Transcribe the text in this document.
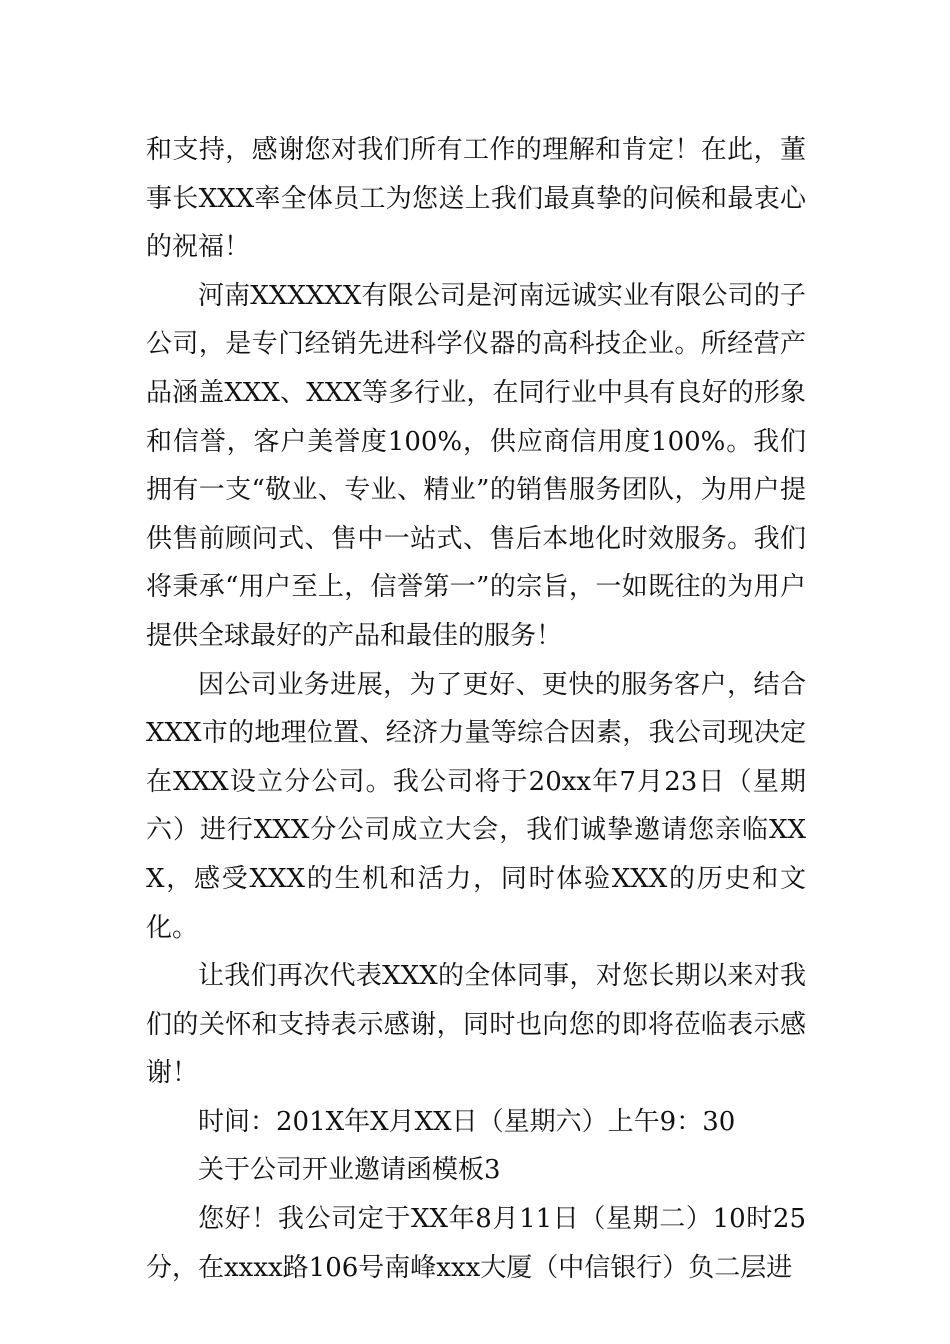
和支持，感谢您对我们所有工作的理解和肯定！在此，董事长XXX率全体员工为您送上我们最真挚的问候和最衷心的祝福！

河南XXXXXX有限公司是河南远诚实业有限公司的子公司，是专门经销先进科学仪器的高科技企业。所经营产品涵盖XXX、XXX等多行业，在同行业中具有良好的形象和信誉，客户美誉度100%，供应商信用度100%。我们拥有一支“敬业、专业、精业”的销售服务团队，为用户提供售前顾问式、售中一站式、售后本地化时效服务。我们将秉承“用户至上，信誉第一”的宗旨，一如既往的为用户提供全球最好的产品和最佳的服务！

因公司业务进展，为了更好、更快的服务客户，结合XXX市的地理位置、经济力量等综合因素，我公司现决定在XXX设立分公司。我公司将于20xx年7月23日（星期六）进行XXX分公司成立大会，我们诚挚邀请您亲临XXX，感受XXX的生机和活力，同时体验XXX的历史和文化。

让我们再次代表XXX的全体同事，对您长期以来对我们的关怀和支持表示感谢，同时也向您的即将莅临表示感谢！

时间：201X年X月XX日（星期六）上午9：30

关于公司开业邀请函模板3

您好！我公司定于XX年8月11日（星期二）10时25分，在xxxx路106号南峰xxx大厦（中信银行）负二层进
